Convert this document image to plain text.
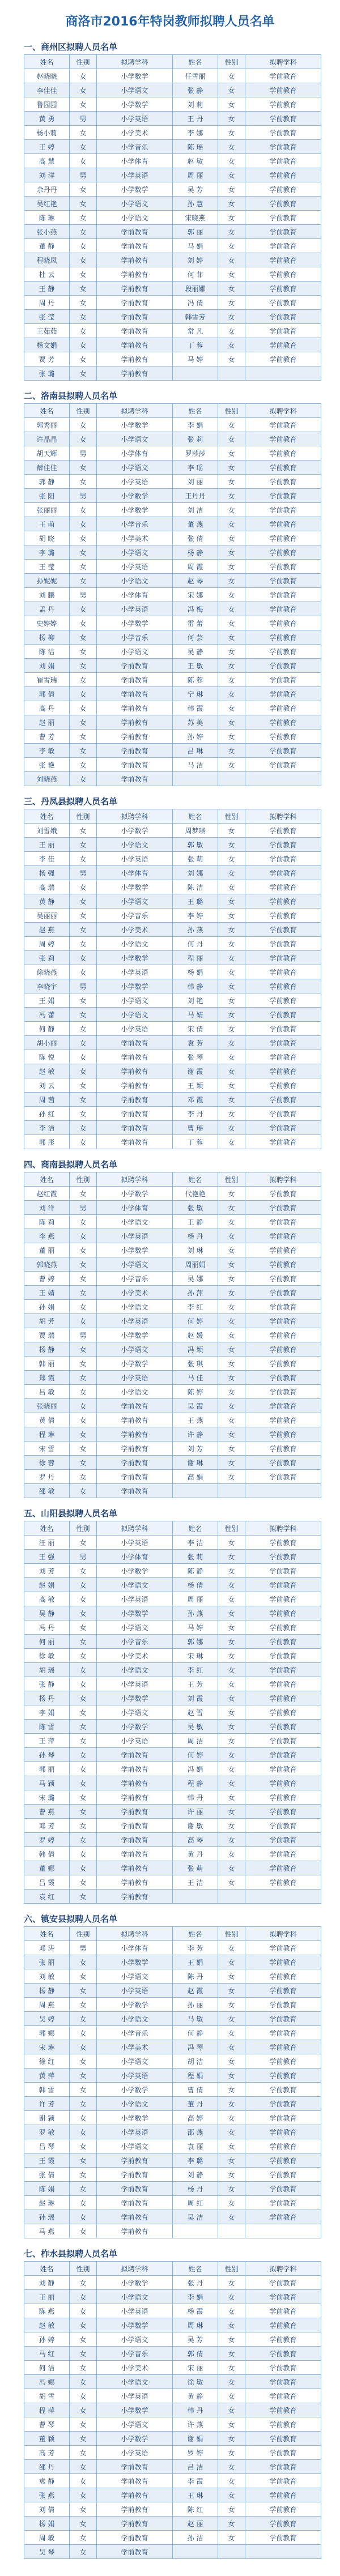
商洛市2016年特岗教师拟聘人员名单
一、商州区拟聘人员名单
姓名	性别	拟聘学科	姓名	性别	拟聘学科
赵晓晓	女	小学数学	任雪丽	女	学前教育
李佳佳	女	小学语文	张 静	女	学前教育
鲁园园	女	小学数学	刘 莉	女	学前教育
黄 勇	男	小学英语	王 丹	女	学前教育
杨小莉	女	小学美术	李 娜	女	学前教育
王 婷	女	小学音乐	陈 瑶	女	学前教育
高 慧	女	小学体育	赵 敏	女	学前教育
刘 洋	男	小学英语	周 丽	女	学前教育
余丹丹	女	小学数学	吴 芳	女	学前教育
吴红艳	女	小学语文	孙 慧	女	学前教育
陈 琳	女	小学语文	宋晓燕	女	学前教育
张小燕	女	学前教育	郭 丽	女	学前教育
董 静	女	学前教育	马 娟	女	学前教育
程晓凤	女	学前教育	刘 婷	女	学前教育
杜 云	女	学前教育	何 菲	女	学前教育
王 静	女	学前教育	段丽娜	女	学前教育
周 丹	女	学前教育	冯 倩	女	学前教育
张 莹	女	学前教育	韩雪芳	女	学前教育
王茹茹	女	学前教育	常 凡	女	学前教育
杨文娟	女	学前教育	丁 蓉	女	学前教育
贾 芳	女	学前教育	马 婷	女	学前教育
张 璐	女	学前教育			
二、洛南县拟聘人员名单
姓名	性别	拟聘学科	姓名	性别	拟聘学科
郭秀丽	女	小学数学	李 娟	女	学前教育
许晶晶	女	小学语文	张 莉	女	学前教育
胡天辉	男	小学体育	罗莎莎	女	学前教育
薛佳佳	女	小学语文	李 瑶	女	学前教育
郭 静	女	小学英语	刘 丽	女	学前教育
张 阳	男	小学数学	王丹丹	女	学前教育
张丽丽	女	小学数学	刘 洁	女	学前教育
王 萌	女	小学音乐	董 燕	女	学前教育
胡 晓	女	小学美术	张 倩	女	学前教育
李 璐	女	小学语文	杨 静	女	学前教育
王 莹	女	小学英语	周 霞	女	学前教育
孙妮妮	女	小学语文	赵 琴	女	学前教育
刘 鹏	男	小学体育	宋 娜	女	学前教育
孟 丹	女	小学英语	冯 梅	女	学前教育
史婷婷	女	小学数学	雷 蕾	女	学前教育
杨 柳	女	小学音乐	何 芸	女	学前教育
陈 洁	女	小学语文	吴 静	女	学前教育
刘 娟	女	学前教育	王 敏	女	学前教育
崔雪瑞	女	学前教育	陈 蓉	女	学前教育
郭 倩	女	学前教育	宁 琳	女	学前教育
高 丹	女	学前教育	韩 霞	女	学前教育
赵 丽	女	学前教育	苏 美	女	学前教育
曹 芳	女	学前教育	孙 婷	女	学前教育
李 敏	女	学前教育	吕 琳	女	学前教育
张 艳	女	学前教育	马 洁	女	学前教育
刘晓燕	女	学前教育			
三、丹凤县拟聘人员名单
姓名	性别	拟聘学科	姓名	性别	拟聘学科
刘雪娥	女	小学数学	周梦琪	女	学前教育
王 丽	女	小学语文	郭 敏	女	学前教育
李 佳	女	小学英语	张 萌	女	学前教育
杨 强	男	小学体育	刘 娜	女	学前教育
高 瑞	女	小学数学	陈 洁	女	学前教育
黄 静	女	小学语文	王 璐	女	学前教育
吴丽丽	女	小学音乐	李 婷	女	学前教育
赵 燕	女	小学美术	孙 燕	女	学前教育
周 婷	女	小学语文	何 丹	女	学前教育
张 莉	女	小学数学	程 丽	女	学前教育
徐晓燕	女	小学英语	杨 娟	女	学前教育
李晓宇	男	小学数学	韩 静	女	学前教育
王 娟	女	小学语文	刘 艳	女	学前教育
冯 蕾	女	小学语文	马 婧	女	学前教育
何 静	女	小学英语	宋 倩	女	学前教育
胡小丽	女	学前教育	袁 芳	女	学前教育
陈 悦	女	学前教育	张 琴	女	学前教育
赵 敏	女	学前教育	谢 霞	女	学前教育
刘 云	女	学前教育	王 颖	女	学前教育
周 茜	女	学前教育	邓 霞	女	学前教育
孙 红	女	学前教育	李 丹	女	学前教育
李 洁	女	学前教育	曹 瑶	女	学前教育
郭 彤	女	学前教育	丁 蓉	女	学前教育
四、商南县拟聘人员名单
姓名	性别	拟聘学科	姓名	性别	拟聘学科
赵红霞	女	小学数学	代艳艳	女	学前教育
刘 洋	男	小学体育	张 敏	女	学前教育
陈 莉	女	小学语文	王 静	女	学前教育
李 燕	女	小学英语	杨 丹	女	学前教育
董 丽	女	小学数学	刘 琳	女	学前教育
郭晓燕	女	小学语文	周丽娟	女	学前教育
曹 婷	女	小学音乐	吴 娜	女	学前教育
王 婧	女	小学美术	孙 萍	女	学前教育
孙 娟	女	小学语文	李 红	女	学前教育
胡 芳	女	小学英语	何 婷	女	学前教育
贾 瑞	男	小学数学	赵 媛	女	学前教育
杨 静	女	小学语文	冯 颖	女	学前教育
韩 丽	女	小学数学	张 琪	女	学前教育
郑 霞	女	小学英语	马 佳	女	学前教育
吕 敏	女	小学语文	陈 婷	女	学前教育
张晓丽	女	学前教育	吴 霞	女	学前教育
黄 倩	女	学前教育	王 燕	女	学前教育
程 琳	女	学前教育	许 静	女	学前教育
宋 雪	女	学前教育	刘 芳	女	学前教育
徐 蓉	女	学前教育	谢 琳	女	学前教育
罗 丹	女	学前教育	高 娟	女	学前教育
邵 敏	女	学前教育			
五、山阳县拟聘人员名单
姓名	性别	拟聘学科	姓名	性别	拟聘学科
汪 丽	女	小学英语	李 洁	女	学前教育
王 强	男	小学体育	张 莉	女	学前教育
刘 芳	女	小学数学	陈 静	女	学前教育
赵 娟	女	小学语文	杨 倩	女	学前教育
高 敏	女	小学英语	周 丽	女	学前教育
吴 静	女	小学数学	孙 燕	女	学前教育
冯 丹	女	小学语文	马 婷	女	学前教育
何 丽	女	小学音乐	郭 娜	女	学前教育
徐 敏	女	小学美术	宋 琳	女	学前教育
胡 瑶	女	小学语文	李 红	女	学前教育
张 静	女	小学英语	王 芳	女	学前教育
杨 丹	女	小学数学	刘 霞	女	学前教育
李 娟	女	小学语文	赵 雪	女	学前教育
陈 雪	女	小学数学	吴 敏	女	学前教育
王 萍	女	小学英语	周 洁	女	学前教育
孙 琴	女	学前教育	何 婷	女	学前教育
郭 丽	女	学前教育	冯 娟	女	学前教育
马 颖	女	学前教育	程 静	女	学前教育
宋 璐	女	学前教育	韩 丹	女	学前教育
曹 燕	女	学前教育	许 丽	女	学前教育
邓 芳	女	学前教育	谢 敏	女	学前教育
罗 婷	女	学前教育	高 琴	女	学前教育
韩 倩	女	学前教育	黄 丹	女	学前教育
董 娜	女	学前教育	张 萌	女	学前教育
吕 霞	女	学前教育	王 洁	女	学前教育
袁 红	女	学前教育			
六、镇安县拟聘人员名单
姓名	性别	拟聘学科	姓名	性别	拟聘学科
邓 涛	男	小学体育	李 芳	女	学前教育
张 丽	女	小学数学	王 娟	女	学前教育
刘 敏	女	小学语文	陈 丹	女	学前教育
杨 静	女	小学英语	赵 霞	女	学前教育
周 燕	女	小学数学	孙 丽	女	学前教育
吴 婷	女	小学语文	马 敏	女	学前教育
郭 娜	女	小学音乐	何 静	女	学前教育
宋 琳	女	小学美术	冯 琴	女	学前教育
徐 红	女	小学语文	胡 洁	女	学前教育
黄 萍	女	小学英语	程 娟	女	学前教育
韩 雪	女	小学数学	曹 倩	女	学前教育
许 芳	女	小学语文	董 丹	女	学前教育
谢 颖	女	小学数学	高 婷	女	学前教育
罗 敏	女	小学英语	邵 燕	女	学前教育
吕 琴	女	小学语文	袁 丽	女	学前教育
王 霞	女	学前教育	李 璐	女	学前教育
张 倩	女	学前教育	刘 静	女	学前教育
陈 娟	女	学前教育	杨 丹	女	学前教育
赵 琳	女	学前教育	周 红	女	学前教育
孙 瑶	女	学前教育	吴 洁	女	学前教育
马 燕	女	学前教育			
七、柞水县拟聘人员名单
姓名	性别	拟聘学科	姓名	性别	拟聘学科
刘 静	女	小学数学	张 丹	女	学前教育
王 丽	女	小学语文	李 娟	女	学前教育
陈 燕	女	小学英语	杨 霞	女	学前教育
赵 敏	女	小学数学	周 琳	女	学前教育
孙 婷	女	小学语文	吴 芳	女	学前教育
马 红	女	小学音乐	郭 倩	女	学前教育
何 洁	女	小学美术	宋 丽	女	学前教育
冯 娜	女	小学语文	徐 敏	女	学前教育
胡 雪	女	小学英语	黄 静	女	学前教育
程 萍	女	小学数学	韩 丹	女	学前教育
曹 琴	女	小学语文	许 燕	女	学前教育
董 颖	女	小学数学	谢 娟	女	学前教育
高 芳	女	小学英语	罗 婷	女	学前教育
邵 丹	女	学前教育	吕 洁	女	学前教育
袁 静	女	学前教育	李 霞	女	学前教育
张 燕	女	学前教育	王 琳	女	学前教育
刘 倩	女	学前教育	陈 红	女	学前教育
杨 娟	女	学前教育	赵 丽	女	学前教育
周 敏	女	学前教育	孙 洁	女	学前教育
吴 琴	女	学前教育			
